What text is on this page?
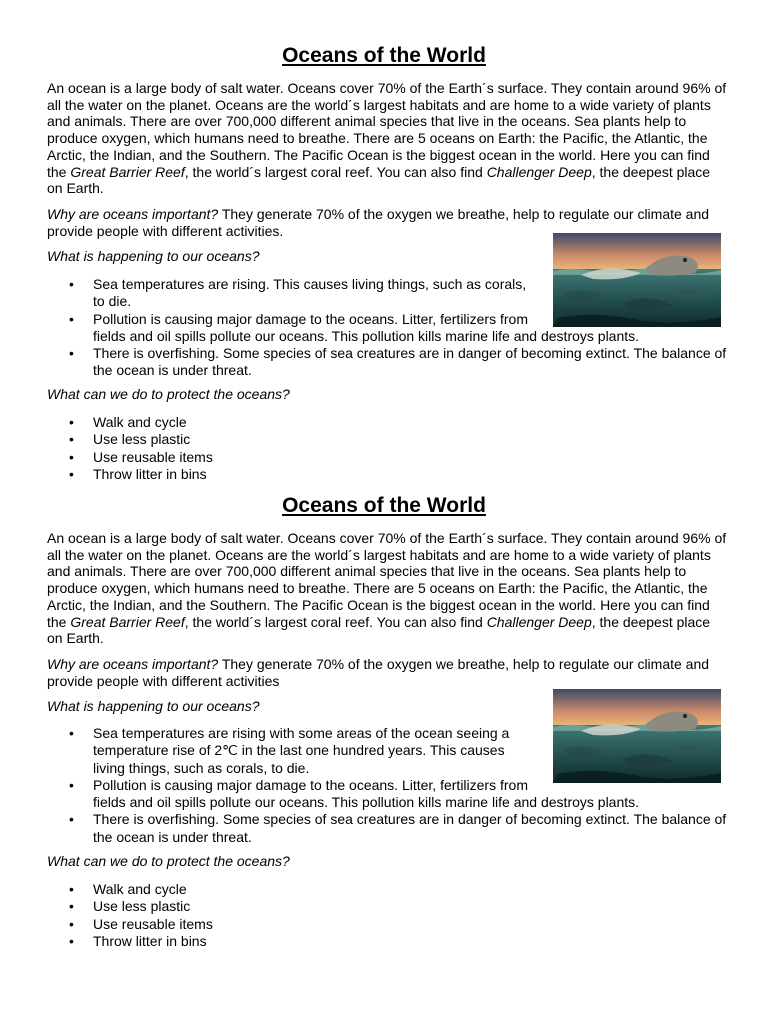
Oceans of the World

An ocean is a large body of salt water. Oceans cover 70% of the Earth´s surface. They contain around 96% of all the water on the planet. Oceans are the world´s largest habitats and are home to a wide variety of plants and animals. There are over 700,000 different animal species that live in the oceans. Sea plants help to produce oxygen, which humans need to breathe. There are 5 oceans on Earth: the Pacific, the Atlantic, the Arctic, the Indian, and the Southern. The Pacific Ocean is the biggest ocean in the world. Here you can find the Great Barrier Reef, the world´s largest coral reef. You can also find Challenger Deep, the deepest place on Earth.

Why are oceans important? They generate 70% of the oxygen we breathe, help to regulate our climate and provide people with different activities.

What is happening to our oceans?

• Sea temperatures are rising. This causes living things, such as corals, to die.
• Pollution is causing major damage to the oceans. Litter, fertilizers from
fields and oil spills pollute our oceans. This pollution kills marine life and destroys plants.
• There is overfishing. Some species of sea creatures are in danger of becoming extinct. The balance of the ocean is under threat.

What can we do to protect the oceans?

• Walk and cycle
• Use less plastic
• Use reusable items
• Throw litter in bins
Oceans of the World

An ocean is a large body of salt water. Oceans cover 70% of the Earth´s surface. They contain around 96% of all the water on the planet. Oceans are the world´s largest habitats and are home to a wide variety of plants and animals. There are over 700,000 different animal species that live in the oceans. Sea plants help to produce oxygen, which humans need to breathe. There are 5 oceans on Earth: the Pacific, the Atlantic, the Arctic, the Indian, and the Southern. The Pacific Ocean is the biggest ocean in the world. Here you can find the Great Barrier Reef, the world´s largest coral reef. You can also find Challenger Deep, the deepest place on Earth.

Why are oceans important? They generate 70% of the oxygen we breathe, help to regulate our climate and provide people with different activities

What is happening to our oceans?

• Sea temperatures are rising with some areas of the ocean seeing a temperature rise of 2℃ in the last one hundred years. This causes living things, such as corals, to die.
• Pollution is causing major damage to the oceans. Litter, fertilizers from
fields and oil spills pollute our oceans. This pollution kills marine life and destroys plants.
• There is overfishing. Some species of sea creatures are in danger of becoming extinct. The balance of the ocean is under threat.

What can we do to protect the oceans?

• Walk and cycle
• Use less plastic
• Use reusable items
• Throw litter in bins
